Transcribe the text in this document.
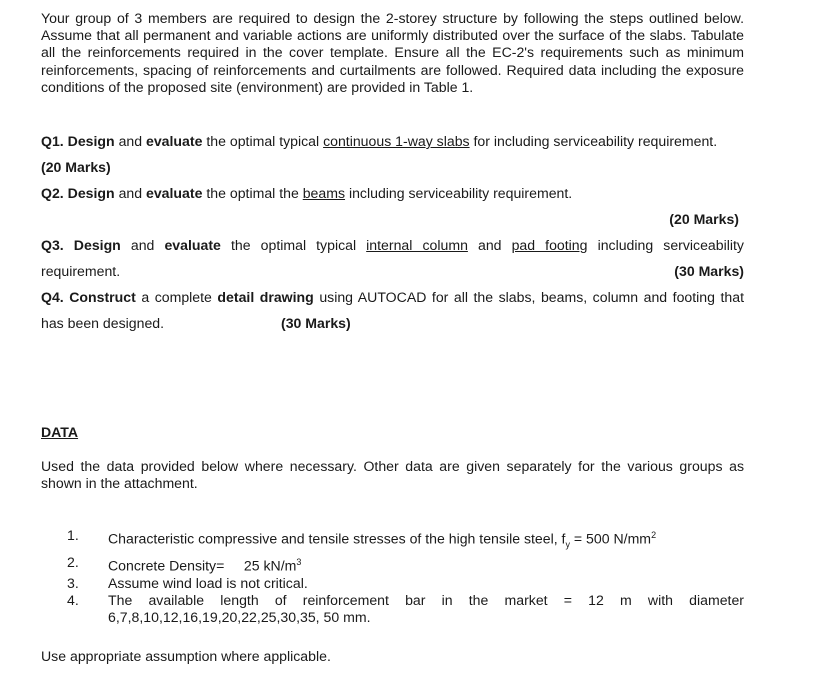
Your group of 3 members are required to design the 2-storey structure by following the steps outlined below. Assume that all permanent and variable actions are uniformly distributed over the surface of the slabs. Tabulate all the reinforcements required in the cover template. Ensure all the EC-2's requirements such as minimum reinforcements, spacing of reinforcements and curtailments are followed. Required data including the exposure conditions of the proposed site (environment) are provided in Table 1.

Q1. Design and evaluate the optimal typical continuous 1-way slabs for including serviceability requirement.

(20 Marks)

Q2. Design and evaluate the optimal the beams including serviceability requirement.

(20 Marks)

Q3. Design and evaluate the optimal typical internal column and pad footing including serviceability requirement.	(30 Marks)

Q4. Construct a complete detail drawing using AUTOCAD for all the slabs, beams, column and footing that has been designed.	(30 Marks)

DATA

Used the data provided below where necessary. Other data are given separately for the various groups as shown in the attachment.

1.	Characteristic compressive and tensile stresses of the high tensile steel, $f_y = 500$ $N/mm^2$
2.	Concrete Density=     25 $kN/m^3$
3.	Assume wind load is not critical.
4.	The available length of reinforcement bar in the market = 12 m with diameter 6,7,8,10,12,16,19,20,22,25,30,35, 50 mm.

Use appropriate assumption where applicable.
